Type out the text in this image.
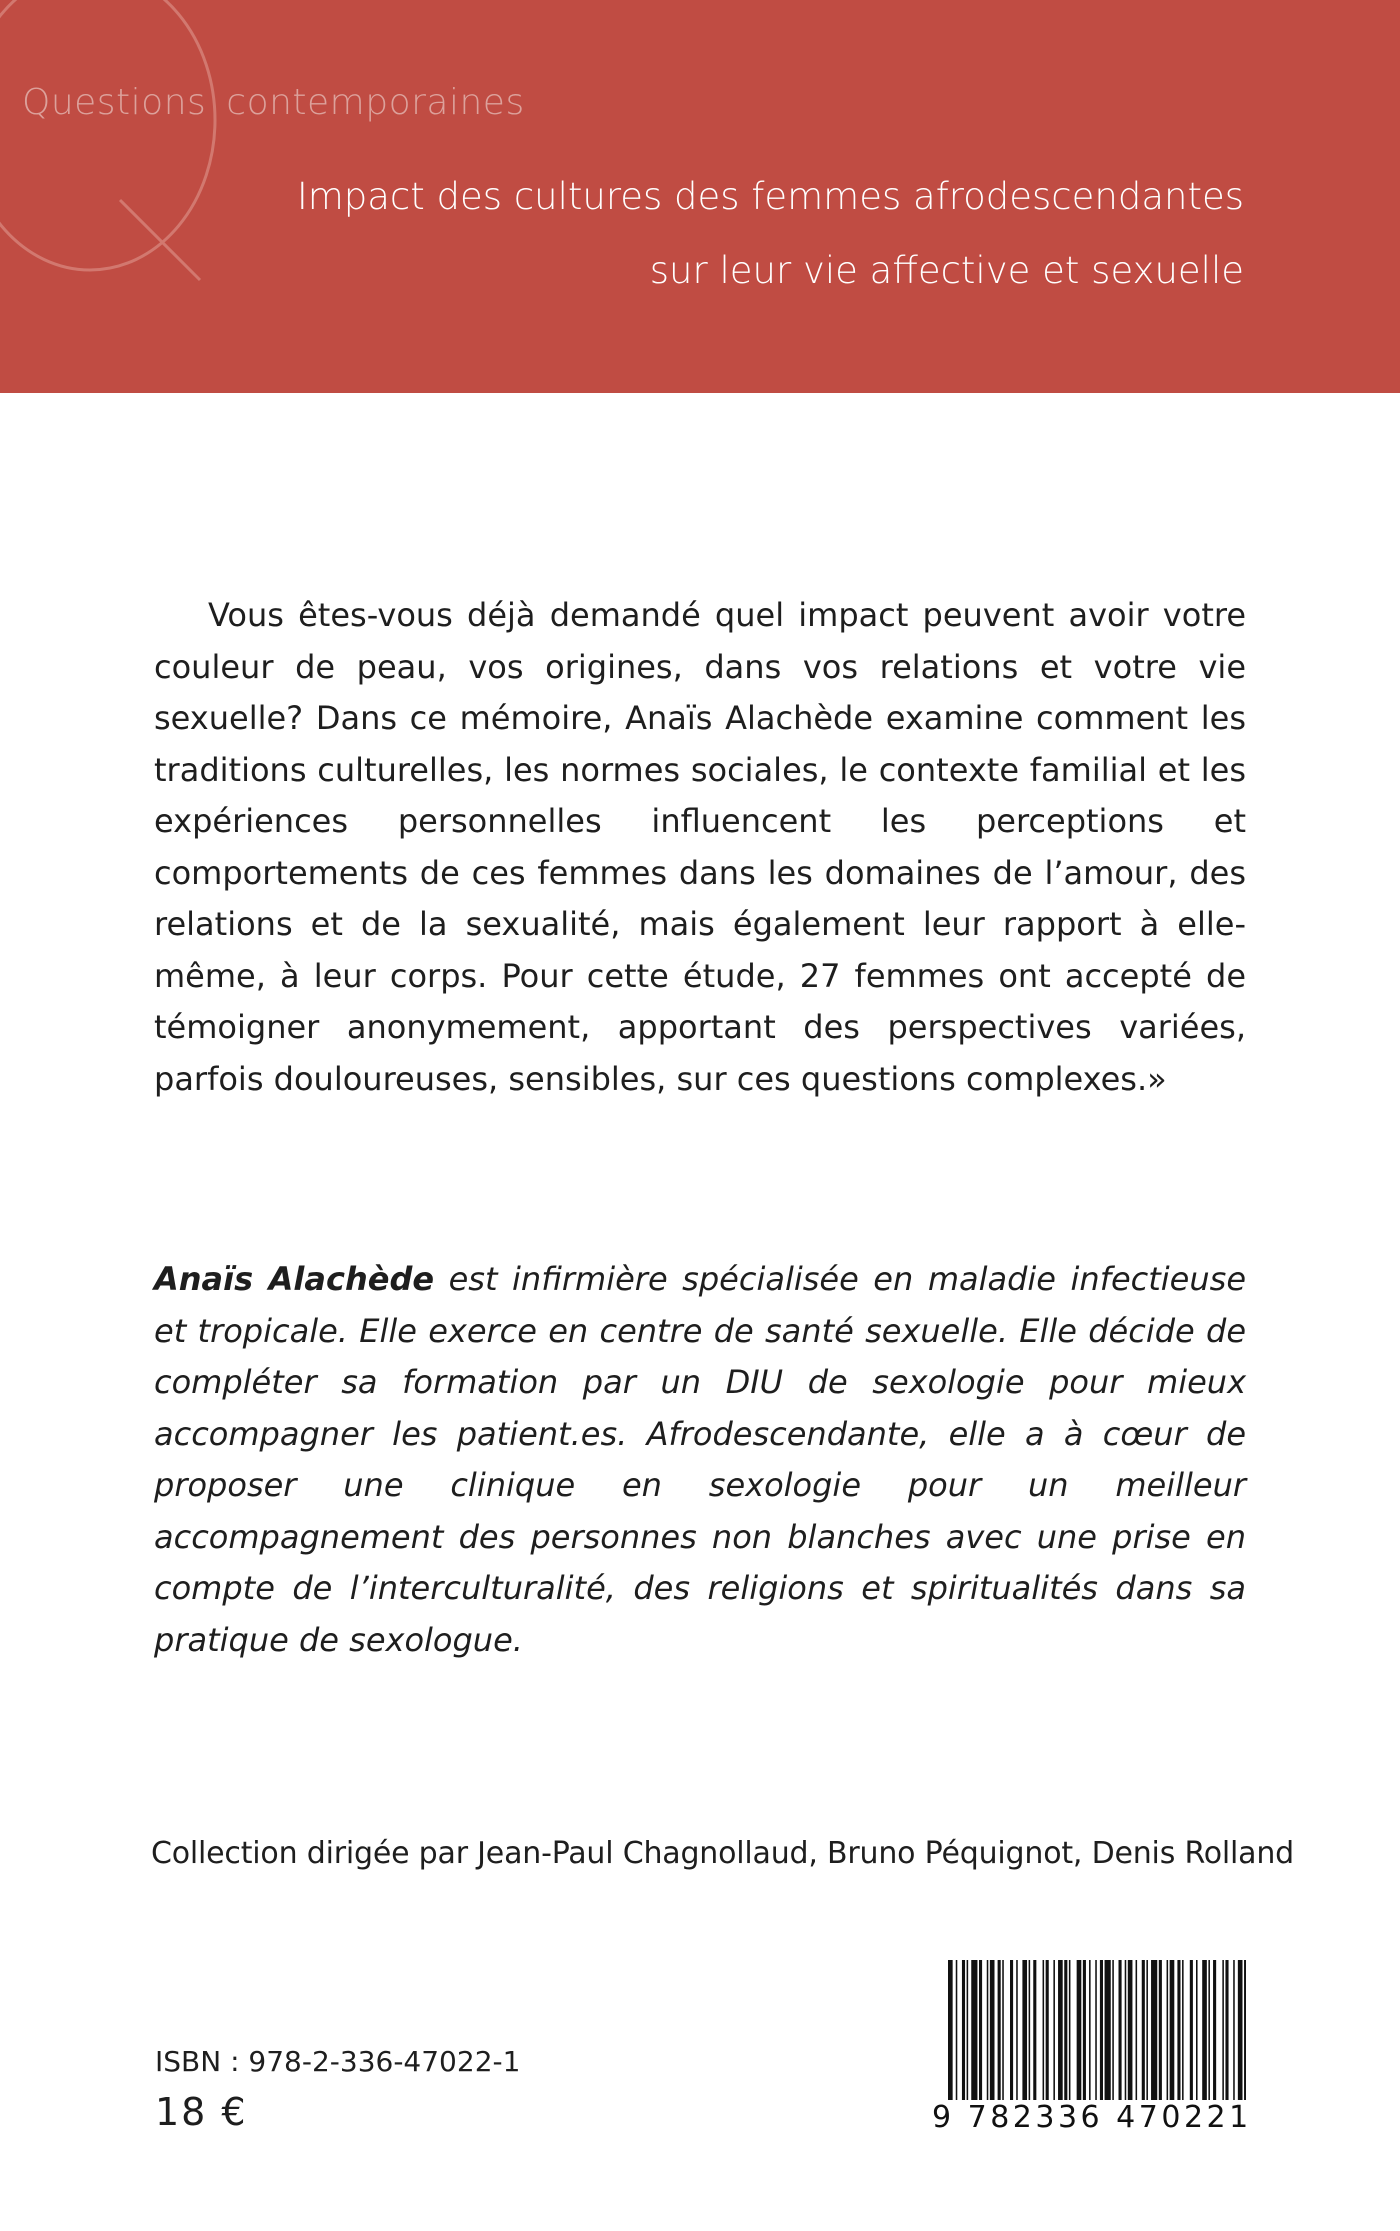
Questions contemporaines
Impact des cultures des femmes afrodescendantes
sur leur vie affective et sexuelle

Vous êtes-vous déjà demandé quel impact peuvent avoir votre couleur de peau, vos origines, dans vos relations et votre vie sexuelle? Dans ce mémoire, Anaïs Alachède examine comment les traditions culturelles, les normes sociales, le contexte familial et les expériences personnelles influencent les perceptions et comportements de ces femmes dans les domaines de l’amour, des relations et de la sexualité, mais également leur rapport à elle-même, à leur corps. Pour cette étude, 27 femmes ont accepté de témoigner anonymement, apportant des perspectives variées, parfois douloureuses, sensibles, sur ces questions complexes.»

Anaïs Alachède est infirmière spécialisée en maladie infectieuse et tropicale. Elle exerce en centre de santé sexuelle. Elle décide de compléter sa formation par un DIU de sexologie pour mieux accompagner les patient.es. Afrodescendante, elle a à cœur de proposer une clinique en sexologie pour un meilleur accompagnement des personnes non blanches avec une prise en compte de l’interculturalité, des religions et spiritualités dans sa pratique de sexologue.

Collection dirigée par Jean-Paul Chagnollaud, Bruno Péquignot, Denis Rolland
ISBN : 978-2-336-47022-1
18 €	9 782336 470221
